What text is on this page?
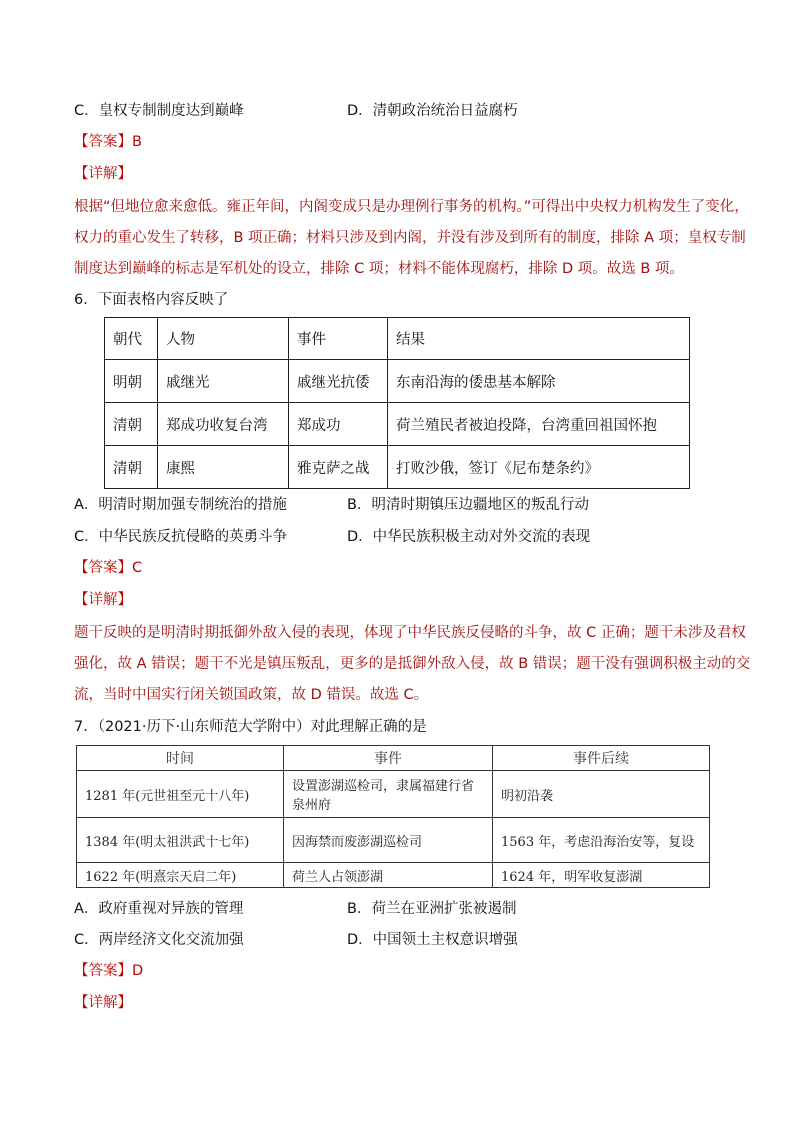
C．皇权专制制度达到巅峰	D．清朝政治统治日益腐朽
【答案】B
【详解】
根据“但地位愈来愈低。雍正年间，内阁变成只是办理例行事务的机构。”可得出中央权力机构发生了变化，
权力的重心发生了转移，B 项正确；材料只涉及到内阁，并没有涉及到所有的制度，排除 A 项；皇权专制
制度达到巅峰的标志是军机处的设立，排除 C 项；材料不能体现腐朽，排除 D 项。故选 B 项。
6．下面表格内容反映了
朝代	人物	事件	结果
明朝	戚继光	戚继光抗倭	东南沿海的倭患基本解除
清朝	郑成功收复台湾	郑成功	荷兰殖民者被迫投降，台湾重回祖国怀抱
清朝	康熙	雅克萨之战	打败沙俄，签订《尼布楚条约》
A．明清时期加强专制统治的措施	B．明清时期镇压边疆地区的叛乱行动
C．中华民族反抗侵略的英勇斗争	D．中华民族积极主动对外交流的表现
【答案】C
【详解】
题干反映的是明清时期抵御外敌入侵的表现，体现了中华民族反侵略的斗争，故 C 正确；题干未涉及君权
强化，故 A 错误；题干不光是镇压叛乱，更多的是抵御外敌入侵，故 B 错误；题干没有强调积极主动的交
流，当时中国实行闭关锁国政策，故 D 错误。故选 C。
7．（2021·历下·山东师范大学附中）对此理解正确的是
时间	事件	事件后续
1281 年(元世祖至元十八年)	设置澎湖巡检司，隶属福建行省泉州府	明初沿袭
1384 年(明太祖洪武十七年)	因海禁而废澎湖巡检司	1563 年，考虑沿海治安等，复设
1622 年(明熹宗天启二年)	荷兰人占领澎湖	1624 年，明军收复澎湖
A．政府重视对异族的管理	B．荷兰在亚洲扩张被遏制
C．两岸经济文化交流加强	D．中国领土主权意识增强
【答案】D
【详解】
